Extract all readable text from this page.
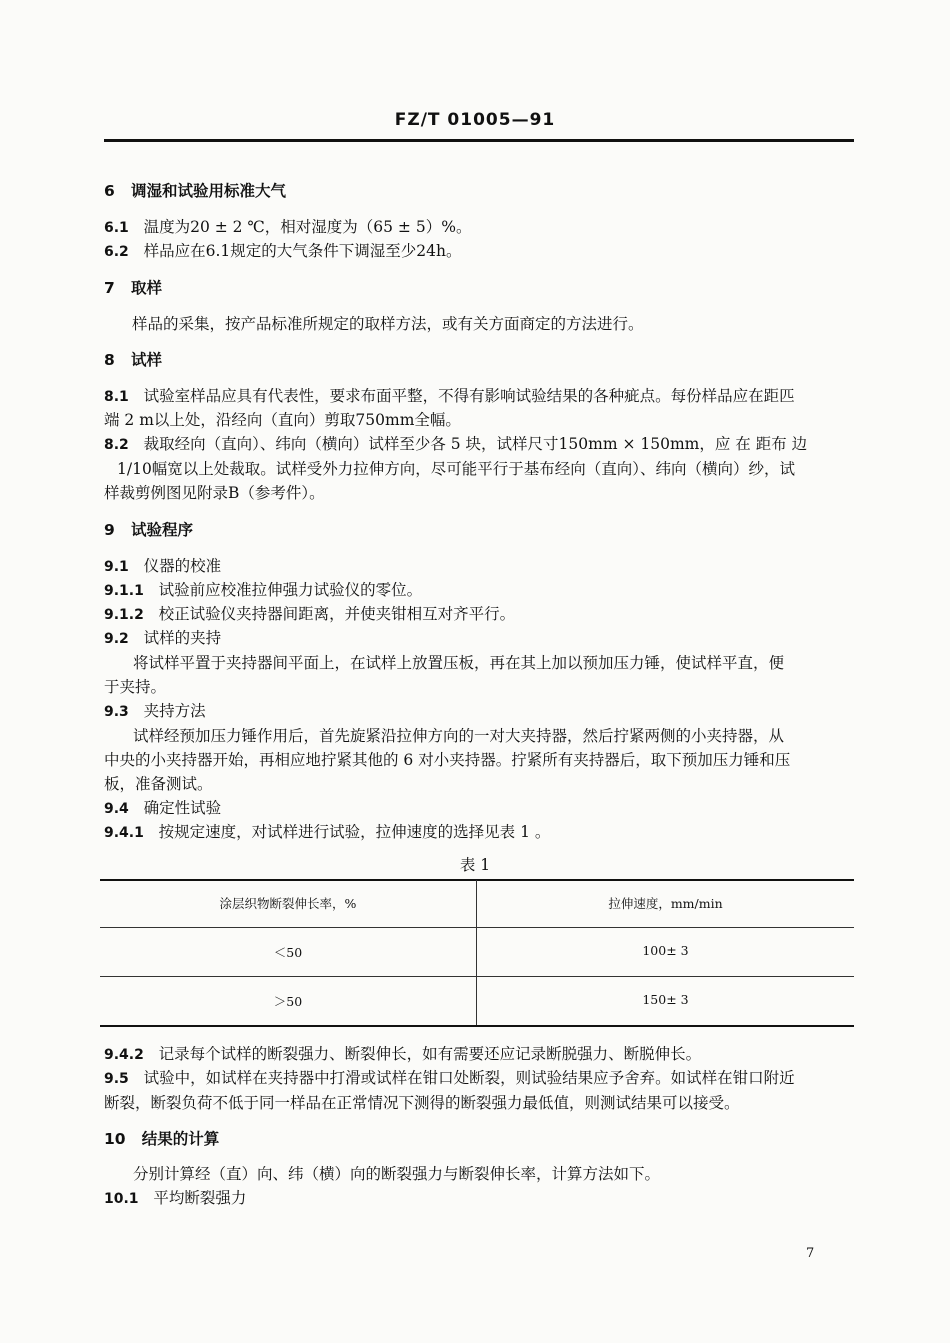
FZ/T 01005—91
6 调湿和试验用标准大气
6.1 温度为20 ± 2 ℃，相对湿度为（65 ± 5）%。
6.2 样品应在6.1规定的大气条件下调湿至少24h。
7 取样
样品的采集，按产品标准所规定的取样方法，或有关方面商定的方法进行。
8 试样
8.1 试验室样品应具有代表性，要求布面平整，不得有影响试验结果的各种疵点。每份样品应在距匹
端 2 m以上处，沿经向（直向）剪取750mm全幅。
8.2 裁取经向（直向）、纬向（横向）试样至少各 5 块，试样尺寸150mm × 150mm，应 在 距布 边
1/10幅宽以上处裁取。试样受外力拉伸方向，尽可能平行于基布经向（直向）、纬向（横向）纱，试
样裁剪例图见附录B（参考件）。
9 试验程序
9.1 仪器的校准
9.1.1 试验前应校准拉伸强力试验仪的零位。
9.1.2 校正试验仪夹持器间距离，并使夹钳相互对齐平行。
9.2 试样的夹持
将试样平置于夹持器间平面上，在试样上放置压板，再在其上加以预加压力锤，使试样平直，便
于夹持。
9.3 夹持方法
试样经预加压力锤作用后，首先旋紧沿拉伸方向的一对大夹持器，然后拧紧两侧的小夹持器，从
中央的小夹持器开始，再相应地拧紧其他的 6 对小夹持器。拧紧所有夹持器后，取下预加压力锤和压
板，准备测试。
9.4 确定性试验
9.4.1 按规定速度，对试样进行试验，拉伸速度的选择见表 1 。
表 1
涂层织物断裂伸长率，%	拉伸速度，mm/min
＜50	100± 3
＞50	150± 3
9.4.2 记录每个试样的断裂强力、断裂伸长，如有需要还应记录断脱强力、断脱伸长。
9.5 试验中，如试样在夹持器中打滑或试样在钳口处断裂，则试验结果应予舍弃。如试样在钳口附近
断裂，断裂负荷不低于同一样品在正常情况下测得的断裂强力最低值，则测试结果可以接受。
10 结果的计算
分别计算经（直）向、纬（横）向的断裂强力与断裂伸长率，计算方法如下。
10.1 平均断裂强力
7
